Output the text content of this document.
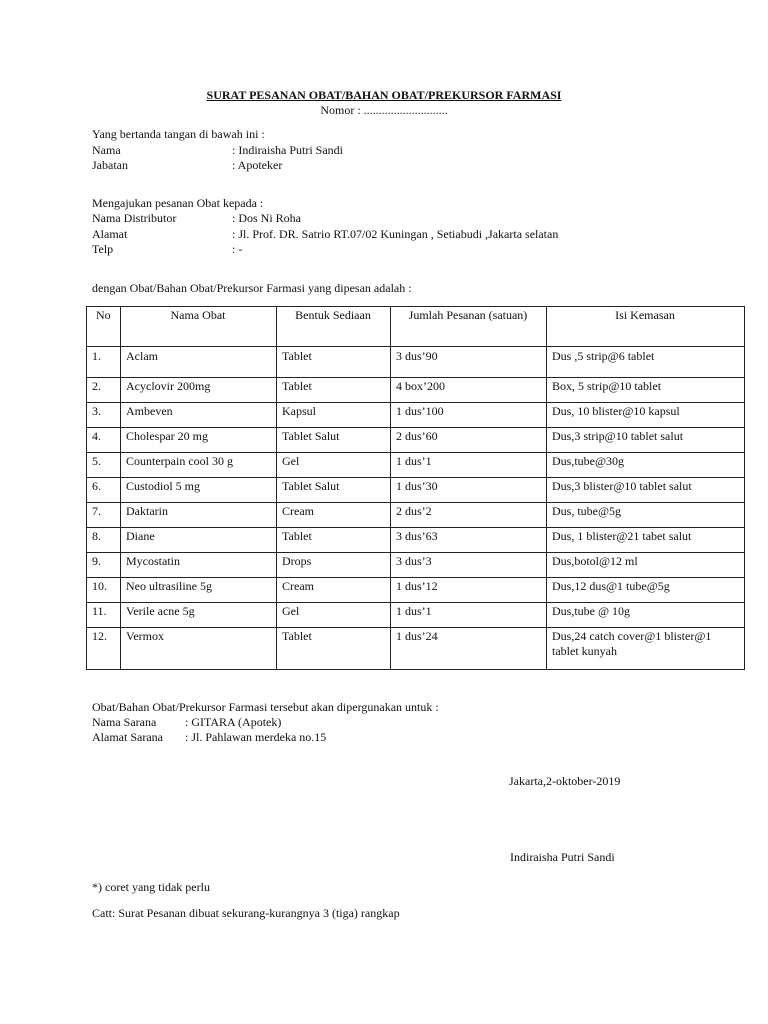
SURAT PESANAN OBAT/BAHAN OBAT/PREKURSOR FARMASI
Nomor : ............................
Yang bertanda tangan di bawah ini :
Nama	: Indiraisha Putri Sandi
Jabatan	: Apoteker
Mengajukan pesanan Obat kepada :
Nama Distributor	: Dos Ni Roha
Alamat	: Jl. Prof. DR. Satrio RT.07/02 Kuningan , Setiabudi ,Jakarta selatan
Telp	: -
dengan Obat/Bahan Obat/Prekursor Farmasi yang dipesan adalah :
No	Nama Obat	Bentuk Sediaan	Jumlah Pesanan (satuan)	Isi Kemasan
1.	Aclam	Tablet	3 dus’90	Dus ,5 strip@6 tablet
2.	Acyclovir 200mg	Tablet	4 box’200	Box, 5 strip@10 tablet
3.	Ambeven	Kapsul	1 dus’100	Dus, 10 blister@10 kapsul
4.	Cholespar 20 mg	Tablet Salut	2 dus’60	Dus,3 strip@10 tablet salut
5.	Counterpain cool 30 g	Gel	1 dus’1	Dus,tube@30g
6.	Custodiol 5 mg	Tablet Salut	1 dus’30	Dus,3 blister@10 tablet salut
7.	Daktarin	Cream	2 dus’2	Dus, tube@5g
8.	Diane	Tablet	3 dus’63	Dus, 1 blister@21 tabet salut
9.	Mycostatin	Drops	3 dus’3	Dus,botol@12 ml
10.	Neo ultrasiline 5g	Cream	1 dus’12	Dus,12 dus@1 tube@5g
11.	Verile acne 5g	Gel	1 dus’1	Dus,tube @ 10g
12.	Vermox	Tablet	1 dus’24	Dus,24 catch cover@1 blister@1 tablet kunyah
Obat/Bahan Obat/Prekursor Farmasi tersebut akan dipergunakan untuk :
Nama Sarana : GITARA (Apotek)
Alamat Sarana : Jl. Pahlawan merdeka no.15
Jakarta,2-oktober-2019
Indiraisha Putri Sandi
*) coret yang tidak perlu
Catt: Surat Pesanan dibuat sekurang-kurangnya 3 (tiga) rangkap
